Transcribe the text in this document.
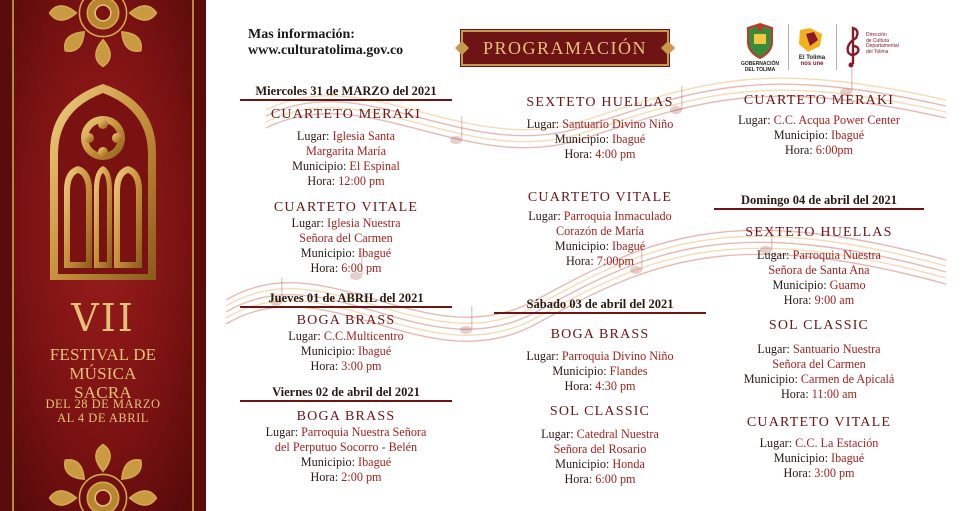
VII
FESTIVAL DE MÚSICA
SACRA
DEL 28 DE MARZO
AL 4 DE ABRIL
Mas información:
www.culturatolima.gov.co	PROGRAMACIÓN
GOBERNACIÓN
DEL TOLIMA
El Tolima
nos une
Dirección
de Cultura
Departamental
del Tolima
Miercoles 31 de MARZO del 2021
CUARTETO MERAKI
Lugar: Iglesia Santa
Margarita María
Municipio: El Espinal
Hora: 12:00 pm
CUARTETO VITALE
Lugar: Iglesia Nuestra
Señora del Carmen
Municipio: Ibagué
Hora: 6:00 pm
Jueves 01 de ABRIL del 2021
BOGA BRASS
Lugar: C.C.Multicentro
Municipio: Ibagué
Hora: 3:00 pm
Viernes 02 de abril del 2021
BOGA BRASS
Lugar: Parroquia Nuestra Señora
del Perputuo Socorro - Belén
Municipio: Ibagué
Hora: 2:00 pm
SEXTETO HUELLAS
Lugar: Santuario Divino Niño
Municipio: Ibagué
Hora: 4:00 pm
CUARTETO VITALE
Lugar: Parroquia Inmaculado
Corazón de María
Municipio: Ibagué
Hora: 7:00pm
Sábado 03 de abril del 2021
BOGA BRASS
Lugar: Parroquia Divino Niño
Municipio: Flandes
Hora: 4:30 pm
SOL CLASSIC
Lugar: Catedral Nuestra
Señora del Rosario
Municipio: Honda
Hora: 6:00 pm
CUARTETO MERAKI
Lugar: C.C. Acqua Power Center
Municipio: Ibagué
Hora: 6:00pm
Domingo 04 de abril del 2021
SEXTETO HUELLAS
Lugar: Parroquia Nuestra
Señora de Santa Ana
Municipio: Guamo
Hora: 9:00 am
SOL CLASSIC
Lugar: Santuario Nuestra
Señora del Carmen
Municipio: Carmen de Apicalá
Hora: 11:00 am
CUARTETO VITALE
Lugar: C.C. La Estación
Municipio: Ibagué
Hora: 3:00 pm
